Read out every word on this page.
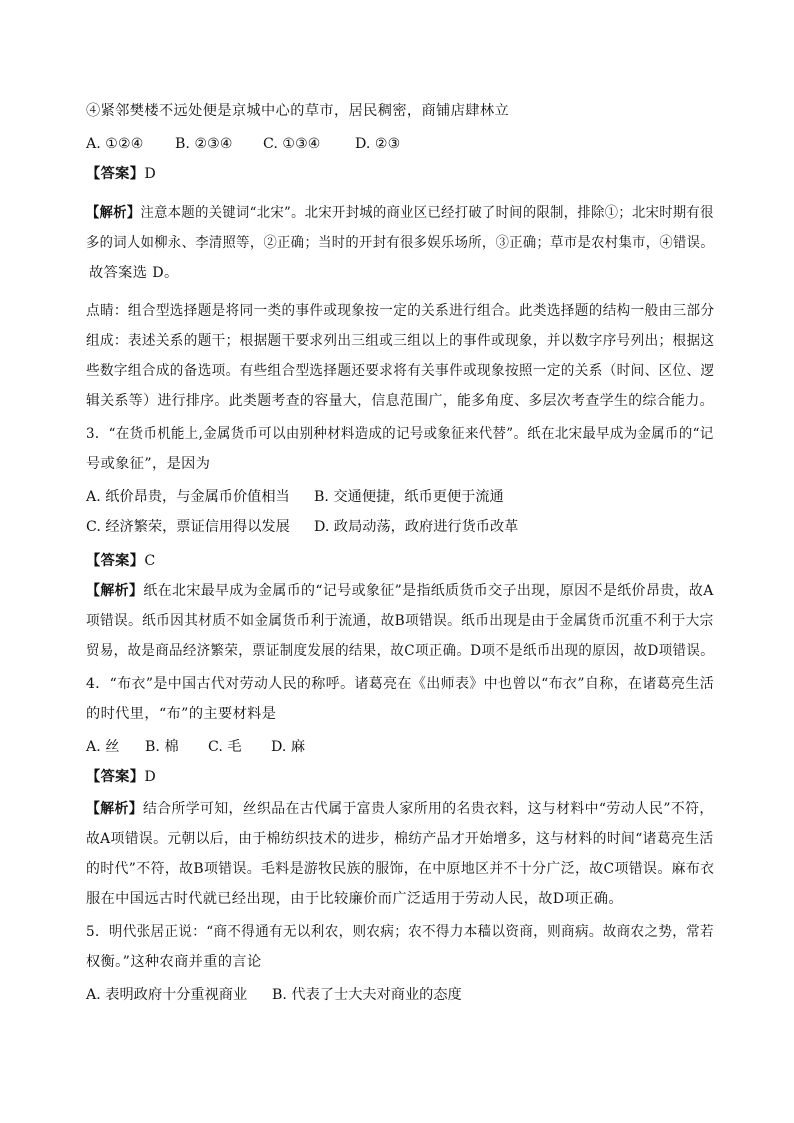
④紧邻樊楼不远处便是京城中心的草市，居民稠密，商铺店肆林立
A. ①②④ B. ②③④ C. ①③④ D. ②③
【答案】D
【解析】注意本题的关键词“北宋”。北宋开封城的商业区已经打破了时间的限制，排除①；北宋时期有很
多的词人如柳永、李清照等，②正确；当时的开封有很多娱乐场所，③正确；草市是农村集市，④错误。
故答案选 D。
点睛：组合型选择题是将同一类的事件或现象按一定的关系进行组合。此类选择题的结构一般由三部分
组成：表述关系的题干；根据题干要求列出三组或三组以上的事件或现象，并以数字序号列出；根据这
些数字组合成的备选项。有些组合型选择题还要求将有关事件或现象按照一定的关系（时间、区位、逻
辑关系等）进行排序。此类题考查的容量大，信息范围广，能多角度、多层次考查学生的综合能力。
3．“在货币机能上,金属货币可以由别种材料造成的记号或象征来代替”。纸在北宋最早成为金属币的“记
号或象征”，是因为
A. 纸价昂贵，与金属币价值相当 B. 交通便捷，纸币更便于流通
C. 经济繁荣，票证信用得以发展 D. 政局动荡，政府进行货币改革
【答案】C
【解析】纸在北宋最早成为金属币的“记号或象征”是指纸质货币交子出现，原因不是纸价昂贵，故A
项错误。纸币因其材质不如金属货币利于流通，故B项错误。纸币出现是由于金属货币沉重不利于大宗
贸易，故是商品经济繁荣，票证制度发展的结果，故C项正确。D项不是纸币出现的原因，故D项错误。
4．“布衣”是中国古代对劳动人民的称呼。诸葛亮在《出师表》中也曾以“布衣”自称，在诸葛亮生活
的时代里，“布”的主要材料是
A. 丝 B. 棉 C. 毛 D. 麻
【答案】D
【解析】结合所学可知，丝织品在古代属于富贵人家所用的名贵衣料，这与材料中“劳动人民”不符，
故A项错误。元朝以后，由于棉纺织技术的进步，棉纺产品才开始增多，这与材料的时间“诸葛亮生活
的时代”不符，故B项错误。毛料是游牧民族的服饰，在中原地区并不十分广泛，故C项错误。麻布衣
服在中国远古时代就已经出现，由于比较廉价而广泛适用于劳动人民，故D项正确。
5．明代张居正说：“商不得通有无以利农，则农病；农不得力本穑以资商，则商病。故商农之势，常若
权衡。”这种农商并重的言论
A. 表明政府十分重视商业 B. 代表了士大夫对商业的态度
